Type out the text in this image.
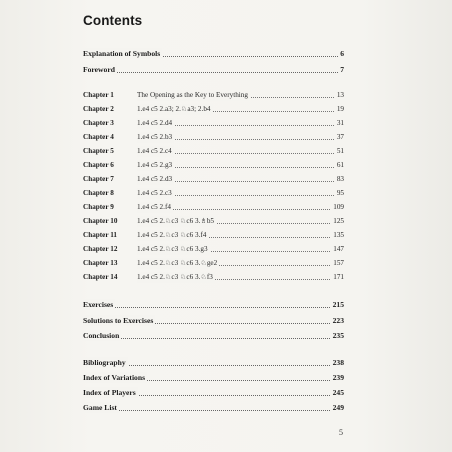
Contents
Explanation of Symbols	6
Foreword	7
Chapter 1	The Opening as the Key to Everything	13
Chapter 2	1.e4 c5 2.a3; 2.♘a3; 2.b4	19
Chapter 3	1.e4 c5 2.d4	31
Chapter 4	1.e4 c5 2.b3	37
Chapter 5	1.e4 c5 2.c4	51
Chapter 6	1.e4 c5 2.g3	61
Chapter 7	1.e4 c5 2.d3	83
Chapter 8	1.e4 c5 2.c3	95
Chapter 9	1.e4 c5 2.f4	109
Chapter 10	1.e4 c5 2.♘c3 ♘c6 3.♗b5	125
Chapter 11	1.e4 c5 2.♘c3 ♘c6 3.f4	135
Chapter 12	1.e4 c5 2.♘c3 ♘c6 3.g3	147
Chapter 13	1.e4 c5 2.♘c3 ♘c6 3.♘ge2	157
Chapter 14	1.e4 c5 2.♘c3 ♘c6 3.♘f3	171
Exercises	215
Solutions to Exercises	223
Conclusion	235
Bibliography	238
Index of Variations	239
Index of Players	245
Game List	249
5
